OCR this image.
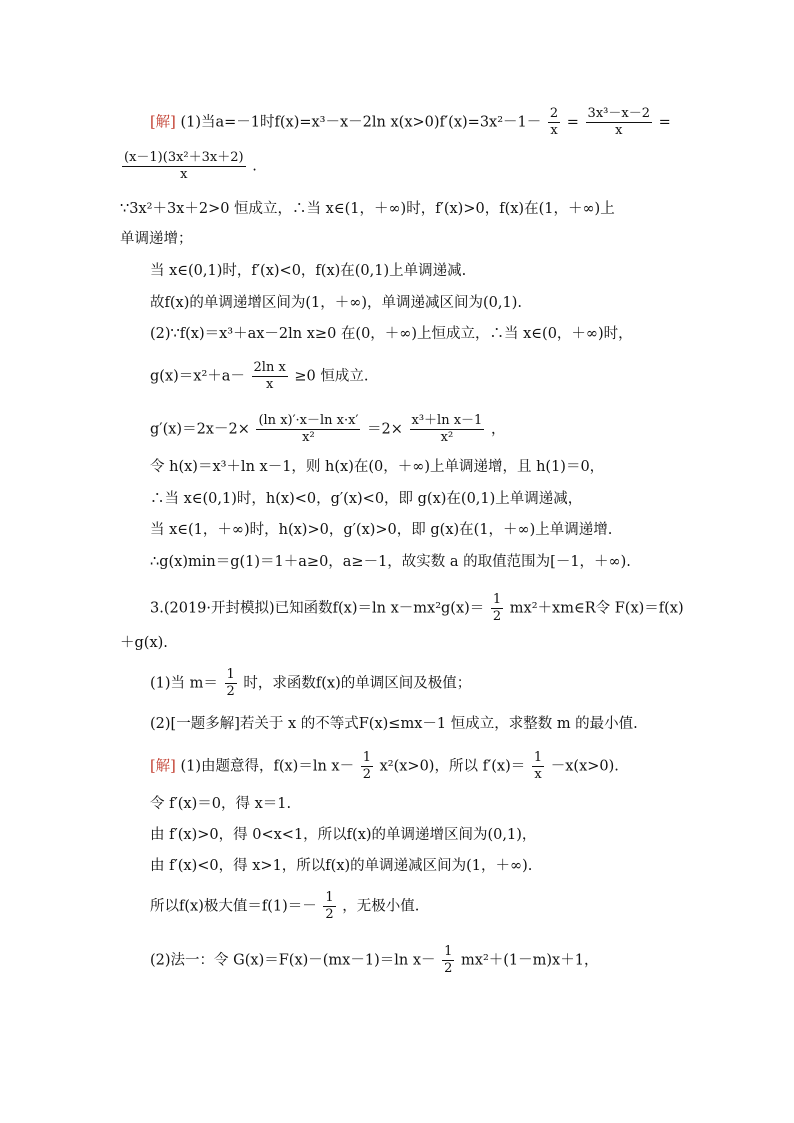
[解] (1)当a=－1时f(x)=x³－x－2ln $x(x>0)f'(x)=3x^2-1- \frac{2}{x} = \frac{\text{3x³－x－2}}{x}$ =
$\frac{\text{(x－1)(3x²＋3x＋2)}}{x}$ .
∵3x²＋3x＋2>0 恒成立，∴当 x∈(1，＋∞)时，f′(x)>0，f(x)在(1，＋∞)上
单调递增；
当 x∈(0,1)时，f′(x)<0，f(x)在(0,1)上单调递减.
故f(x)的单调递增区间为(1，＋∞)，单调递减区间为(0,1).
(2)∵f(x)＝x³＋ax－2ln x≥0 在(0，＋∞)上恒成立，∴当 x∈(0，＋∞)时，
$g(x)=x^2+a- \frac{\text{2ln x}}{x} \ge 0$ 恒成立.
$g'(x)=2x-2\times \frac{\text{(ln x)′·x－ln x·x′}}{\text{x²}} =2\times \frac{\text{x³＋ln x－1}}{\text{x²}}$ ，
令 h(x)＝x³＋ln x－1，则 h(x)在(0，＋∞)上单调递增，且 h(1)＝0，
∴当 x∈(0,1)时，h(x)<0，g′(x)<0，即 g(x)在(0,1)上单调递减，
当 x∈(1，＋∞)时，h(x)>0，g′(x)>0，即 g(x)在(1，＋∞)上单调递增.
∴g(x)min＝g(1)＝1＋a≥0，a≥－1，故实数 a 的取值范围为[－1，＋∞).
3.(2019·开封模拟)已知函数f(x)＝ln $x-mx^2g(x)= \frac{1}{2}$ mx²＋xm∈R令 F(x)＝f(x)
＋g(x).
(1)当 $m= \frac{1}{2}$ 时，求函数f(x)的单调区间及极值；
(2)[一题多解]若关于 x 的不等式F(x)≤mx－1 恒成立，求整数 m 的最小值.
[解] (1)由题意得，f(x)＝ln $x- \frac{1}{2} x^2(x>0)$，所以 $f'(x)= \frac{1}{x} -x(x>0)$.
令 f′(x)＝0，得 x＝1.
由 f′(x)>0，得 0<x<1，所以f(x)的单调递增区间为(0,1)，
由 f′(x)<0，得 x>1，所以f(x)的单调递减区间为(1，＋∞).
所以f(x)极大值$=f(1)=- \frac{1}{2}$ ，无极小值.
(2)法一：令 G(x)＝F(x)－(mx－1)＝ln $x- \frac{1}{2} mx^2+(1-m)x+1$，
